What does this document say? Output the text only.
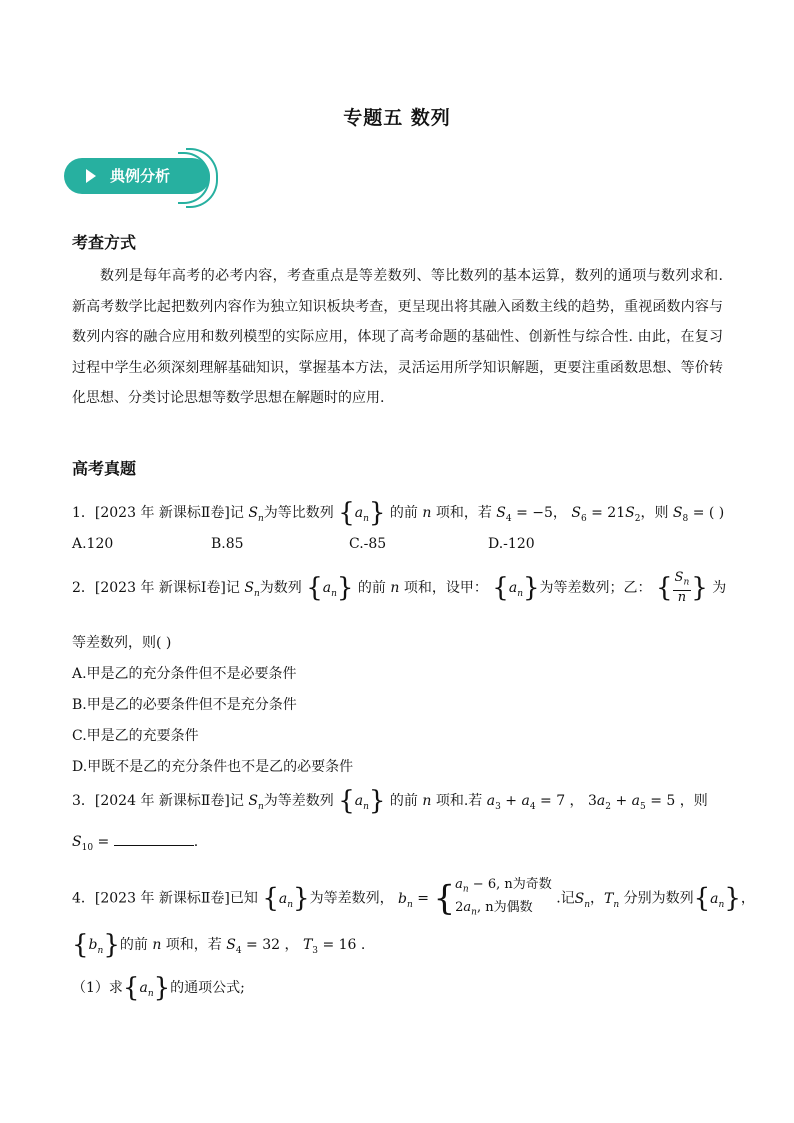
专题五 数列
典例分析
考查方式
数列是每年高考的必考内容，考查重点是等差数列、等比数列的基本运算，数列的通项与数列求和. 新高考数学比起把数列内容作为独立知识板块考查，更呈现出将其融入函数主线的趋势，重视函数内容与数列内容的融合应用和数列模型的实际应用，体现了高考命题的基础性、创新性与综合性. 由此，在复习过程中学生必须深刻理解基础知识，掌握基本方法，灵活运用所学知识解题，更要注重函数思想、等价转化思想、分类讨论思想等数学思想在解题时的应用.
高考真题
1．[2023 年 新课标Ⅱ卷]记 $S_n$为等比数列 $\{a_n\}$ 的前 n 项和，若 $S_4 = -5$， $S_6 = 21S_2$，则 $S_8$ = ( )
A.120	B.85	C.-85	D.-120
2．[2023 年 新课标Ⅰ卷]记 $S_n$为数列 $\{a_n\}$ 的前 n 项和，设甲： $\{a_n\}$为等差数列；乙： { $\frac{S_n}{n}$ } 为
等差数列，则( )
A.甲是乙的充分条件但不是必要条件
B.甲是乙的必要条件但不是充分条件
C.甲是乙的充要条件
D.甲既不是乙的充分条件也不是乙的必要条件
3．[2024 年 新课标Ⅱ卷]记 $S_n$为等差数列 $\{a_n\}$ 的前 n 项和.若 $a_3 + a_4 = 7$ ， $3a_2 + a_5 = 5$ ，则
$S_{10}$ =	.
4．[2023 年 新课标Ⅱ卷]已知 $\{a_n\}$为等差数列， $b_n$ = { $a_n - 6$, n为奇数
$2a_n$, n为偶数
.记$S_n$，$T_n$ 分别为数列$\{a_n\}$，
$\{b_n\}$的前 n 项和，若 $S_4 = 32$ ， $T_3 = 16$ .
（1）求$\{a_n\}$的通项公式;
